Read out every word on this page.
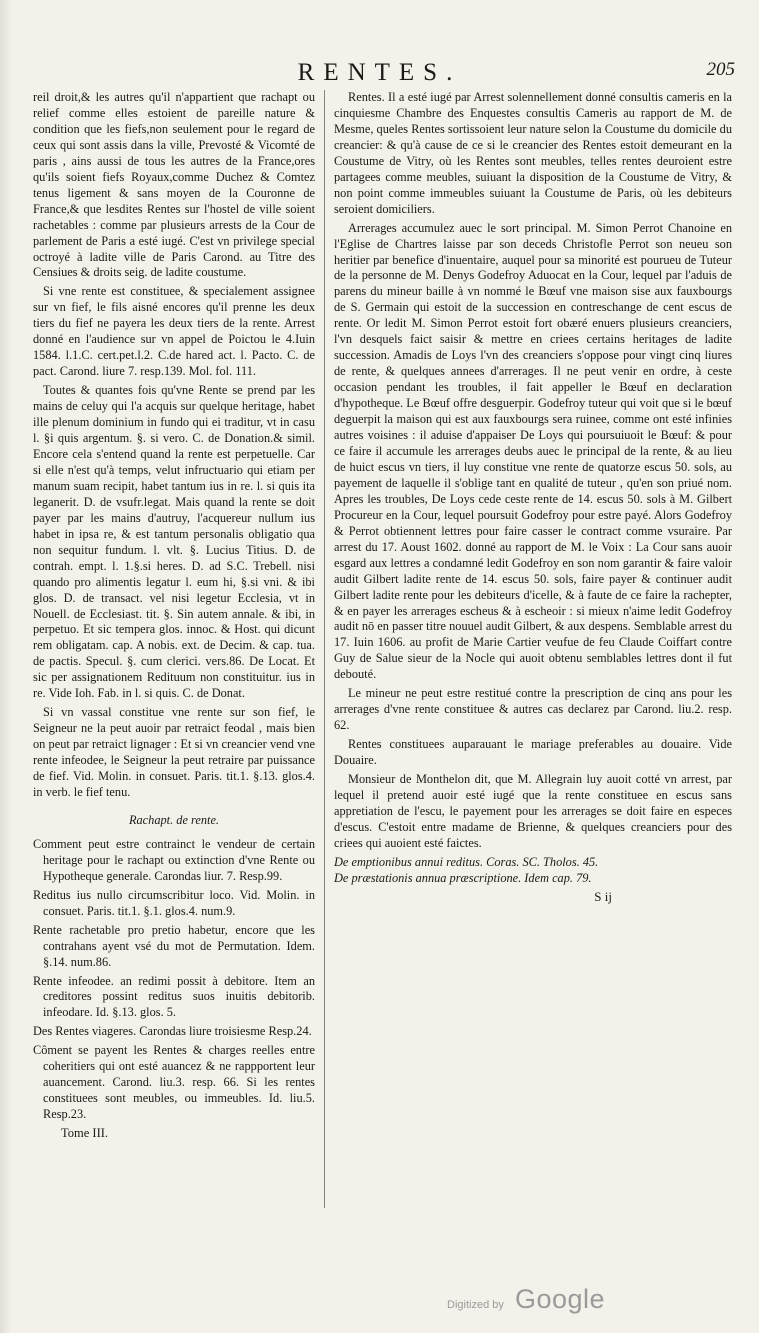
RENTES.	205

reil droit,& les autres qu'il n'appartient que rachapt ou relief comme elles estoient de pareille nature & condition que les fiefs,non seulement pour le regard de ceux qui sont assis dans la ville, Prevosté & Vicomté de paris , ains aussi de tous les autres de la France,ores qu'ils soient fiefs Royaux,comme Duchez & Comtez tenus ligement & sans moyen de la Couronne de France,& que lesdites Rentes sur l'hostel de ville soient rachetables : comme par plusieurs arrests de la Cour de parlement de Paris a esté iugé. C'est vn privilege special octroyé à ladite ville de Paris Carond. au Titre des Censiues & droits seig. de ladite coustume.

Si vne rente est constituee, & specialement assignee sur vn fief, le fils aisné encores qu'il prenne les deux tiers du fief ne payera les deux tiers de la rente. Arrest donné en l'audience sur vn appel de Poictou le 4.Iuin 1584. l.1.C. cert.pet.l.2. C.de hared act. l. Pacto. C. de pact. Carond. liure 7. resp.139. Mol. fol. 111.

Toutes & quantes fois qu'vne Rente se prend par les mains de celuy qui l'a acquis sur quelque heritage, habet ille plenum dominium in fundo qui ei traditur, vt in casu l. §i quis argentum. §. si vero. C. de Donation.& simil. Encore cela s'entend quand la rente est perpetuelle. Car si elle n'est qu'à temps, velut infructuario qui etiam per manum suam recipit, habet tantum ius in re. l. si quis ita leganerit. D. de vsufr.legat. Mais quand la rente se doit payer par les mains d'autruy, l'acquereur nullum ius habet in ipsa re, & est tantum personalis obligatio qua non sequitur fundum. l. vlt. §. Lucius Titius. D. de contrah. empt. l. 1.§.si heres. D. ad S.C. Trebell. nisi quando pro alimentis legatur l. eum hi, §.si vni. & ibi glos. D. de transact. vel nisi legetur Ecclesia, vt in Nouell. de Ecclesiast. tit. §. Sin autem annale. & ibi, in perpetuo. Et sic tempera glos. innoc. & Host. qui dicunt rem obligatam. cap. A nobis. ext. de Decim. & cap. tua. de pactis. Specul. §. cum clerici. vers.86. De Locat. Et sic per assignationem Redituum non constituitur. ius in re. Vide Ioh. Fab. in l. si quis. C. de Donat.

Si vn vassal constitue vne rente sur son fief, le Seigneur ne la peut auoir par retraict feodal , mais bien on peut par retraict lignager : Et si vn creancier vend vne rente infeodee, le Seigneur la peut retraire par puissance de fief. Vid. Molin. in consuet. Paris. tit.1. §.13. glos.4. in verb. le fief tenu.

Rachapt. de rente.

Comment peut estre contrainct le vendeur de certain heritage pour le rachapt ou extinction d'vne Rente ou Hypotheque generale. Carondas liur. 7. Resp.99.

Reditus ius nullo circumscribitur loco. Vid. Molin. in consuet. Paris. tit.1. §.1. glos.4. num.9.

Rente rachetable pro pretio habetur, encore que les contrahans ayent vsé du mot de Permutation. Idem. §.14. num.86.

Rente infeodee. an redimi possit à debitore. Item an creditores possint reditus suos inuitis debitorib. infeodare. Id. §.13. glos. 5.

Des Rentes viageres. Carondas liure troisiesme Resp.24.

Côment se payent les Rentes & charges reelles entre coheritiers qui ont esté auancez & ne rappportent leur auancement. Carond. liu.3. resp. 66. Si les rentes constituees sont meubles, ou immeubles. Id. liu.5. Resp.23.

Tome III.

Rentes. Il a esté iugé par Arrest solennellement donné consultis cameris en la cinquiesme Chambre des Enquestes consultis Cameris au rapport de M. de Mesme, queles Rentes sortissoient leur nature selon la Coustume du domicile du creancier: & qu'à cause de ce si le creancier des Rentes estoit demeurant en la Coustume de Vitry, où les Rentes sont meubles, telles rentes deuroient estre partagees comme meubles, suiuant la disposition de la Coustume de Vitry, & non point comme immeubles suiuant la Coustume de Paris, où les debiteurs seroient domiciliers.

Arrerages accumulez auec le sort principal. M. Simon Perrot Chanoine en l'Eglise de Chartres laisse par son deceds Christofle Perrot son neueu son heritier par benefice d'inuentaire, auquel pour sa minorité est pourueu de Tuteur de la personne de M. Denys Godefroy Aduocat en la Cour, lequel par l'aduis de parens du mineur baille à vn nommé le Bœuf vne maison sise aux fauxbourgs de S. Germain qui estoit de la succession en contreschange de cent escus de rente. Or ledit M. Simon Perrot estoit fort obæré enuers plusieurs creanciers, l'vn desquels faict saisir & mettre en criees certains heritages de ladite succession. Amadis de Loys l'vn des creanciers s'oppose pour vingt cinq liures de rente, & quelques annees d'arrerages. Il ne peut venir en ordre, à ceste occasion pendant les troubles, il fait appeller le Bœuf en declaration d'hypotheque. Le Bœuf offre desguerpir. Godefroy tuteur qui voit que si le bœuf deguerpit la maison qui est aux fauxbourgs sera ruinee, comme ont esté infinies autres voisines : il aduise d'appaiser De Loys qui poursuiuoit le Bœuf: & pour ce faire il accumule les arrerages deubs auec le principal de la rente, & au lieu de huict escus vn tiers, il luy constitue vne rente de quatorze escus 50. sols, au payement de laquelle il s'oblige tant en qualité de tuteur , qu'en son priué nom. Apres les troubles, De Loys cede ceste rente de 14. escus 50. sols à M. Gilbert Procureur en la Cour, lequel poursuit Godefroy pour estre payé. Alors Godefroy & Perrot obtiennent lettres pour faire casser le contract comme vsuraire. Par arrest du 17. Aoust 1602. donné au rapport de M. le Voix : La Cour sans auoir esgard aux lettres a condamné ledit Godefroy en son nom garantir & faire valoir audit Gilbert ladite rente de 14. escus 50. sols, faire payer & continuer audit Gilbert ladite rente pour les debiteurs d'icelle, & à faute de ce faire la rachepter, & en payer les arrerages escheus & à escheoir : si mieux n'aime ledit Godefroy audit nō en passer titre nouuel audit Gilbert, & aux despens. Semblable arrest du 17. Iuin 1606. au profit de Marie Cartier veufue de feu Claude Coiffart contre Guy de Salue sieur de la Nocle qui auoit obtenu semblables lettres dont il fut debouté.

Le mineur ne peut estre restitué contre la prescription de cinq ans pour les arrerages d'vne rente constituee & autres cas declarez par Carond. liu.2. resp. 62.

Rentes constituees auparauant le mariage preferables au douaire. Vide Douaire.

Monsieur de Monthelon dit, que M. Allegrain luy auoit cotté vn arrest, par lequel il pretend auoir esté iugé que la rente constituee en escus sans appretiation de l'escu, le payement pour les arrerages se doit faire en especes d'escus. C'estoit entre madame de Brienne, & quelques creanciers pour des criees qui auoient esté faictes.

De emptionibus annui reditus. Coras. SC. Tholos. 45.

De præstationis annua præscriptione. Idem cap. 79.

S ij
Digitized by Google
